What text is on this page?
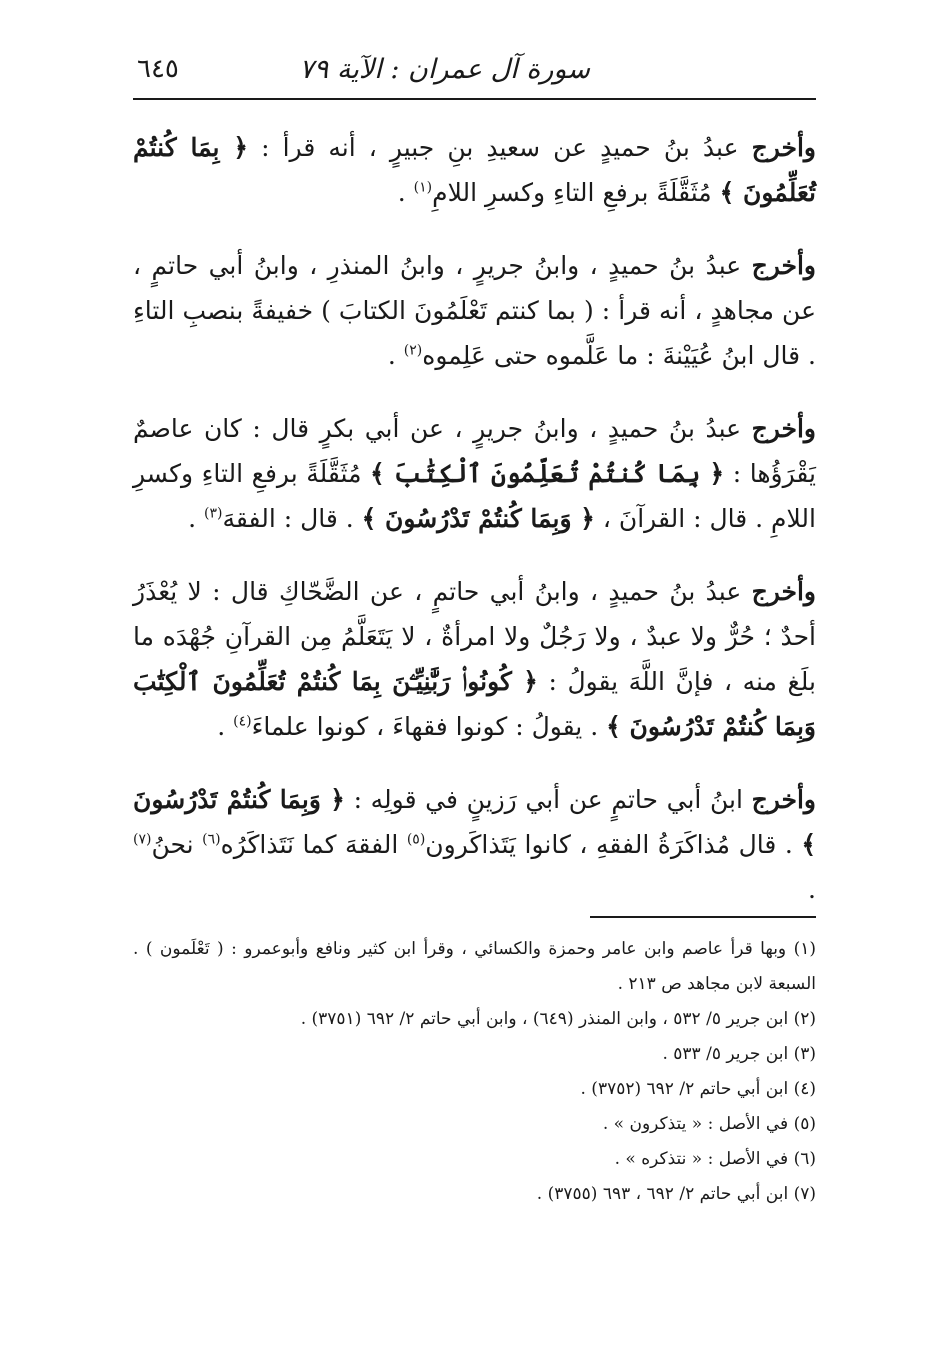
سورة آل عمران : الآية ٧٩
٦٤٥

وأخرج عبدُ بنُ حميدٍ عن سعيدِ بنِ جبيرٍ ، أنه قرأ : ﴿ بِمَا كُنتُمْ تُعَلِّمُونَ ﴾ مُثَقَّلَةً برفعِ التاءِ وكسرِ اللامِ$^{(١)}$ .

وأخرج عبدُ بنُ حميدٍ ، وابنُ جريرٍ ، وابنُ المنذرِ ، وابنُ أبي حاتمٍ ، عن مجاهدٍ ، أنه قرأ : ( بما كنتم تَعْلَمُونَ الكتابَ ) خفيفةً بنصبِ التاءِ . قال ابنُ عُيَيْنةَ : ما عَلَّموه حتى عَلِموه$^{(٢)}$ .

وأخرج عبدُ بنُ حميدٍ ، وابنُ جريرٍ ، عن أبي بكرٍ قال : كان عاصمٌ يَقْرَؤُها : ﴿ بِمَا كُنتُمْ تُعَلِّمُونَ ٱلْكِتَٰبَ ﴾ مُثَقَّلَةً برفعِ التاءِ وكسرِ اللامِ . قال : القرآنَ ، ﴿ وَبِمَا كُنتُمْ تَدْرُسُونَ ﴾ . قال : الفقهَ$^{(٣)}$ .

وأخرج عبدُ بنُ حميدٍ ، وابنُ أبي حاتمٍ ، عن الضَّحّاكِ قال : لا يُعْذَرُ أحدٌ ؛ حُرٌّ ولا عبدٌ ، ولا رَجُلٌ ولا امرأةٌ ، لا يَتَعَلَّمُ مِن القرآنِ جُهْدَه ما بلَغ منه ، فإنَّ اللَّهَ يقولُ : ﴿ كُونُوا۟ رَبَّٰنِيِّـۧنَ بِمَا كُنتُمْ تُعَلِّمُونَ ٱلْكِتَٰبَ وَبِمَا كُنتُمْ تَدْرُسُونَ ﴾ . يقولُ : كونوا فقهاءَ ، كونوا علماءَ$^{(٤)}$ .

وأخرج ابنُ أبي حاتمٍ عن أبي رَزينٍ في قولِه : ﴿ وَبِمَا كُنتُمْ تَدْرُسُونَ ﴾ . قال مُذاكَرَةُ الفقهِ ، كانوا يَتَذاكَرون$^{(٥)}$ الفقهَ كما نَتَذاكَرُه$^{(٦)}$ نحنُ$^{(٧)}$ .

(١) وبها قرأ عاصم وابن عامر وحمزة والكسائي ، وقرأ ابن كثير ونافع وأبوعمرو : ( تَعْلَمون ) . السبعة لابن مجاهد ص ٢١٣ .

(٢) ابن جرير ٥/ ٥٣٢ ، وابن المنذر (٦٤٩) ، وابن أبي حاتم ٢/ ٦٩٢ (٣٧٥١) .

(٣) ابن جرير ٥/ ٥٣٣ .

(٤) ابن أبي حاتم ٢/ ٦٩٢ (٣٧٥٢) .

(٥) في الأصل : « يتذكرون » .

(٦) في الأصل : « نتذكره » .

(٧) ابن أبي حاتم ٢/ ٦٩٢ ، ٦٩٣ (٣٧٥٥) .
